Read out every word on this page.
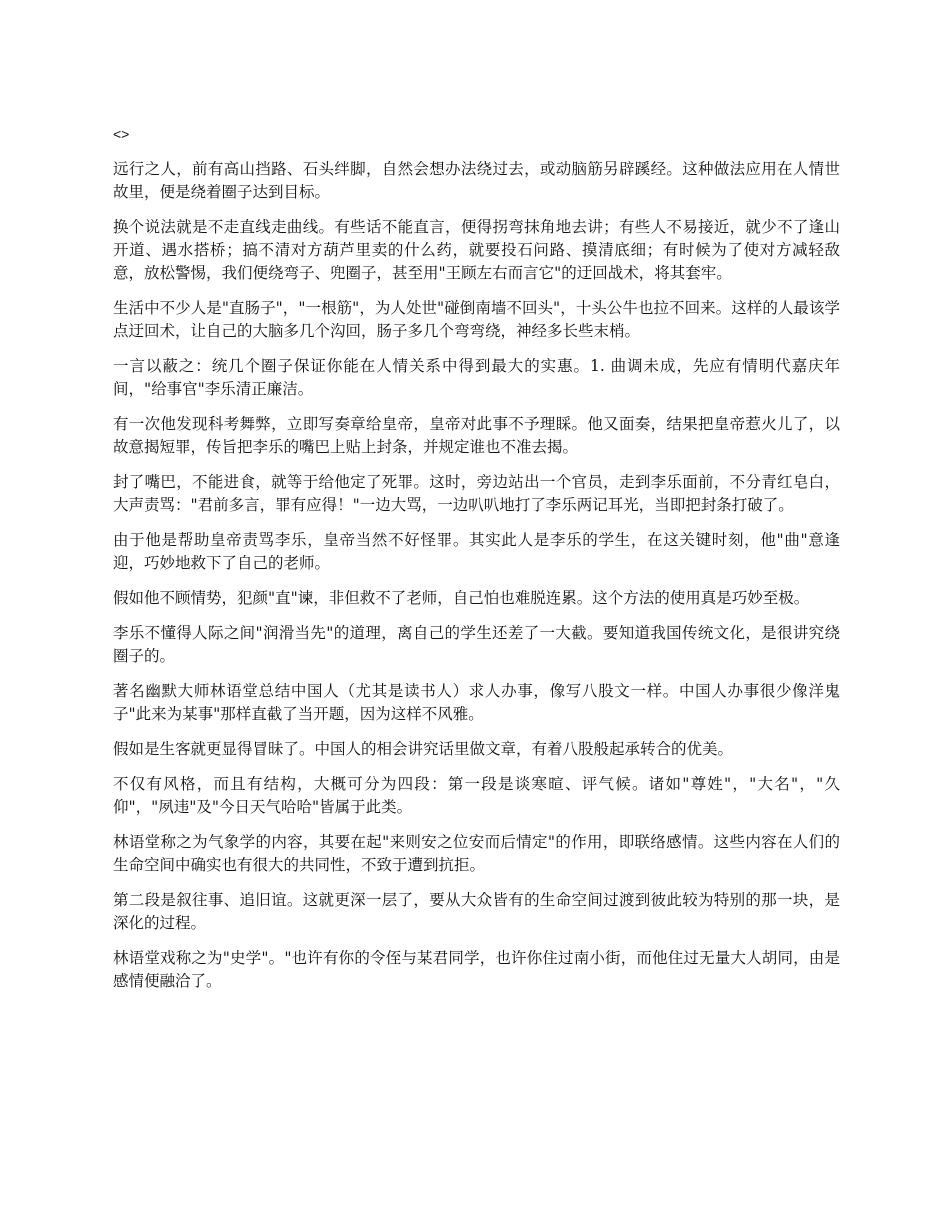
<>

远行之人，前有高山挡路、石头绊脚，自然会想办法绕过去，或动脑筋另辟蹊经。这种做法应用在人情世故里，便是绕着圈子达到目标。

换个说法就是不走直线走曲线。有些话不能直言，便得拐弯抹角地去讲；有些人不易接近，就少不了逢山开道、遇水搭桥；搞不清对方葫芦里卖的什么药，就要投石问路、摸清底细；有时候为了使对方减轻敌意，放松警惕，我们便绕弯子、兜圈子，甚至用"王顾左右而言它"的迂回战术，将其套牢。

生活中不少人是"直肠子"，"一根筋"，为人处世"碰倒南墙不回头"，十头公牛也拉不回来。这样的人最该学点迂回术，让自己的大脑多几个沟回，肠子多几个弯弯绕，神经多长些末梢。

一言以蔽之：统几个圈子保证你能在人情关系中得到最大的实惠。1. 曲调未成，先应有情明代嘉庆年间，"给事官"李乐清正廉洁。

有一次他发现科考舞弊，立即写奏章给皇帝，皇帝对此事不予理睬。他又面奏，结果把皇帝惹火儿了，以故意揭短罪，传旨把李乐的嘴巴上贴上封条，并规定谁也不准去揭。

封了嘴巴，不能进食，就等于给他定了死罪。这时，旁边站出一个官员，走到李乐面前，不分青红皂白，大声责骂："君前多言，罪有应得！"一边大骂，一边叭叭地打了李乐两记耳光，当即把封条打破了。

由于他是帮助皇帝责骂李乐，皇帝当然不好怪罪。其实此人是李乐的学生，在这关键时刻，他"曲"意逢迎，巧妙地救下了自己的老师。

假如他不顾情势，犯颜"直"谏，非但救不了老师，自己怕也难脱连累。这个方法的使用真是巧妙至极。

李乐不懂得人际之间"润滑当先"的道理，离自己的学生还差了一大截。要知道我国传统文化，是很讲究绕圈子的。

著名幽默大师林语堂总结中国人（尤其是读书人）求人办事，像写八股文一样。中国人办事很少像洋鬼子"此来为某事"那样直截了当开题，因为这样不风雅。

假如是生客就更显得冒昧了。中国人的相会讲究话里做文章，有着八股般起承转合的优美。

不仅有风格，而且有结构，大概可分为四段：第一段是谈寒暄、评气候。诸如"尊姓"，"大名"，"久仰"，"夙违"及"今日天气哈哈"皆属于此类。

林语堂称之为气象学的内容，其要在起"来则安之位安而后情定"的作用，即联络感情。这些内容在人们的生命空间中确实也有很大的共同性，不致于遭到抗拒。

第二段是叙往事、追旧谊。这就更深一层了，要从大众皆有的生命空间过渡到彼此较为特别的那一块，是深化的过程。

林语堂戏称之为"史学"。"也许有你的令侄与某君同学，也许你住过南小街，而他住过无量大人胡同，由是感情便融洽了。
